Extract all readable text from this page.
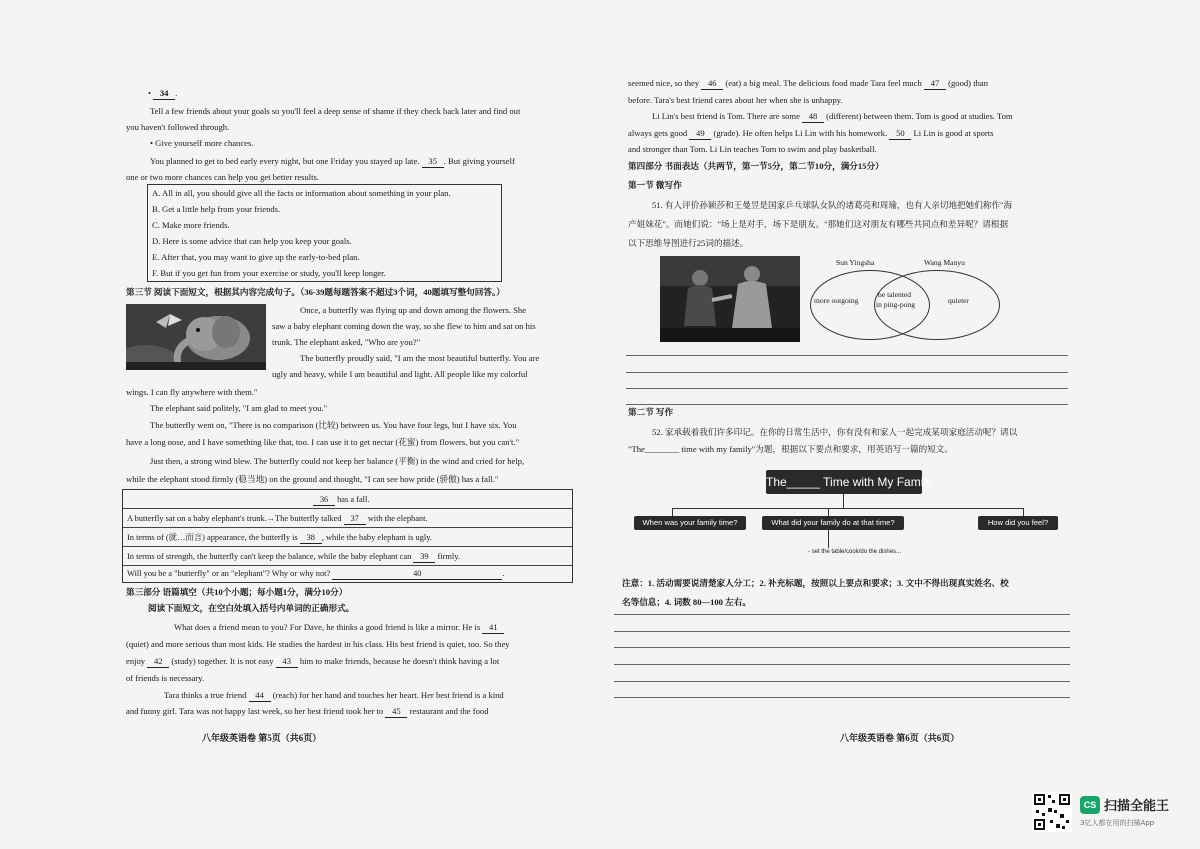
• 34 .
Tell a few friends about your goals so you'll feel a deep sense of shame if they check back later and find out
you haven't followed through.
• Give yourself more chances.
You planned to get to bed early every night, but one Friday you stayed up late. 35 . But giving yourself
one or two more chances can help you get better results.
A. All in all, you should give all the facts or information about something in your plan.
B. Get a little help from your friends.
C. Make more friends.
D. Here is some advice that can help you keep your goals.
E. After that, you may want to give up the early-to-bed plan.
F. But if you get fun from your exercise or study, you'll keep longer.
第三节 阅读下面短文，根据其内容完成句子。（36-39题每题答案不超过3个词，40题填写整句回答。）
Once, a butterfly was flying up and down among the flowers. She
saw a baby elephant coming down the way, so she flew to him and sat on his
trunk. The elephant asked, "Who are you?"
The butterfly proudly said, "I am the most beautiful butterfly. You are
ugly and heavy, while I am beautiful and light. All people like my colorful
wings. I can fly anywhere with them."
The elephant said politely, "I am glad to meet you."
The butterfly went on, "There is no comparison (比较) between us. You have four legs, but I have six. You
have a long nose, and I have something like that, too. I can use it to get nectar (花蜜) from flowers, but you can't."
Just then, a strong wind blew. The butterfly could not keep her balance (平衡) in the wind and cried for help,
while the elephant stood firmly (稳当地) on the ground and thought, "I can see how pride (骄傲) has a fall."
36 has a fall.
A butterfly sat on a baby elephant's trunk.→The butterfly talked 37 with the elephant.
In terms of (就…而言) appearance, the butterfly is 38 , while the baby elephant is ugly.
In terms of strength, the butterfly can't keep the balance, while the baby elephant can 39 firmly.
Will you be a "butterfly" or an "elephant"? Why or why not?	40	.
第三部分 语篇填空（共10个小题；每小题1分，满分10分）
阅读下面短文，在空白处填入括号内单词的正确形式。
What does a friend mean to you? For Dave, he thinks a good friend is like a mirror. He is 41
(quiet) and more serious than most kids. He studies the hardest in his class. His best friend is quiet, too. So they
enjoy 42 (study) together. It is not easy 43 him to make friends, because he doesn't think having a lot
of friends is necessary.
Tara thinks a true friend 44 (reach) for her hand and touches her heart. Her best friend is a kind
and funny girl. Tara was not happy last week, so her best friend took her to 45 restaurant and the food
八年级英语卷 第5页（共6页）
seemed nice, so they 46 (eat) a big meal. The delicious food made Tara feel much 47 (good) than
before. Tara's best friend cares about her when she is unhappy.
Li Lin's best friend is Tom. There are some 48 (different) between them. Tom is good at studies. Tom
always gets good 49 (grade). He often helps Li Lin with his homework. 50 Li Lin is good at sports
and stronger than Tom. Li Lin teaches Tom to swim and play basketball.
第四部分 书面表达（共两节，第一节5分，第二节10分，满分15分）
第一节 微写作
51. 有人评价孙颖莎和王曼昱是国家乒乓球队女队的诸葛亮和周瑜，也有人亲切地把她们称作"海
产姐妹花"。而她们说："场上是对手，场下是朋友。"那她们这对朋友有哪些共同点和差异呢？请根据
以下思维导图进行25词的描述。
Sun Yingsha	Wang Manyu
more outgoing
be talented
in ping-pong	quieter
第二节 写作
52. 家承载着我们许多印记。在你的日常生活中，你有没有和家人一起完成某项家庭活动呢？请以
"The________ time with my family"为题，根据以下要点和要求，用英语写一篇的短文。
The_____ Time with My Family
When was your family time?	What did your family do at that time?	How did you feel?
- set the table/cook/do the dishes...
注意：1. 活动需要说清楚家人分工；2. 补充标题，按照以上要点和要求；3. 文中不得出现真实姓名、校
名等信息；4. 词数 80—100 左右。
八年级英语卷 第6页（共6页）
CS 扫描全能王
3亿人都在用的扫描App
